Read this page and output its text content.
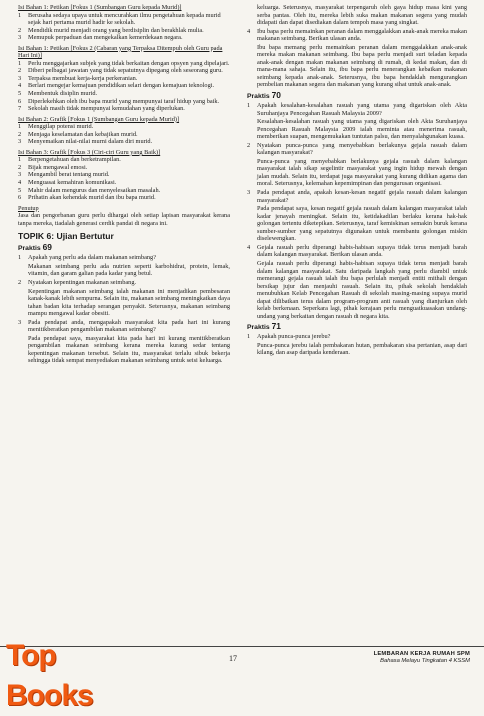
Isi Bahan 1: Petikan [Fokus 1 (Sumbangan Guru kepada Murid)]
1 Berusaha sedaya upaya untuk mencurahkan ilmu pengetahuan kepada murid sejak hari pertama murid hadir ke sekolah.
2 Mendidik murid menjadi orang yang berdisiplin dan berakhlak mulia.
3 Memupuk perpaduan dan mengekalkan kemerdekaan negara.
Isi Bahan 1: Petikan [Fokus 2 (Cabaran yang Terpaksa Ditempuh oleh Guru pada Hari Ini)]
1 Perlu menggajarkan subjek yang tidak berkaitan dengan opsyen yang dipelajari.
2 Diberi pelbagai jawatan yang tidak sepatutnya dipegang oleh seseorang guru.
3 Terpaksa membuat kerja-kerja perkeranian.
4 Berlari mengejar kemajuan pendidikan selari dengan kemajuan teknologi.
5 Membentuk disiplin murid.
6 Diperlekehkan oleh ibu bapa murid yang mempunyai taraf hidup yang baik.
7 Sekolah masih tidak mempunyai kemudahan yang diperlukan.
Isi Bahan 2: Grafik [Fokus 1 (Sumbangan Guru kepada Murid)]
1 Menggilap potensi murid.
2 Menjaga keselamatan dan kebajikan murid.
3 Menyemaikan nilai-nilai murni dalam diri murid.
Isi Bahan 3: Grafik [Fokus 3 (Ciri-ciri Guru yang Baik)]
1 Berpengetahuan dan berketrampilan.
2 Bijak mengawal emosi.
3 Mengambil berat tentang murid.
4 Menguasai kemahiran komunikasi.
5 Mahir dalam mengurus dan menyelesaikan masalah.
6 Prihatin akan kehendak murid dan ibu bapa murid.
Penutup

Jasa dan pengorbanan guru perlu dihargai oleh setiap lapisan masyarakat kerana tanpa mereka, tiadalah generasi cerdik pandai di negara ini.

TOPIK 6: Ujian Bertutur
Praktis 69
1 Apakah yang perlu ada dalam makanan seimbang?

Makanan seimbang perlu ada nutrien seperti karbohidrat, protein, lemak, vitamin, dan garam galian pada kadar yang betul.

2 Nyatakan kepentingan makanan seimbang.

Kepentingan makanan seimbang ialah makanan ini menjadikan pembesaran kanak-kanak lebih sempurna. Selain itu, makanan seimbang meningkatkan daya tahan badan kita terhadap serangan penyakit. Seterusnya, makanan seimbang mampu mengawal kadar obesiti.

3 Pada pendapat anda, mengapakah masyarakat kita pada hari ini kurang menitikberatkan pengambilan makanan seimbang?

Pada pendapat saya, masyarakat kita pada hari ini kurang menitikberatkan pengambilan makanan seimbang kerana mereka kurang sedar tentang kepentingan makanan tersebut. Selain itu, masyarakat terlalu sibuk bekerja sehingga tidak sempat menyediakan makanan seimbang untuk seisi keluarga.

keluarga. Seterusnya, masyarakat terpengaruh oleh gaya hidup masa kini yang serba pantas. Oleh itu, mereka lebih suka makan makanan segera yang mudah didapati dan dapat disediakan dalam tempoh masa yang singkat.

4 Ibu bapa perlu memainkan peranan dalam menggalakkan anak-anak mereka makan makanan seimbang. Berikan ulasan anda.

Ibu bapa memang perlu memainkan peranan dalam menggalakkan anak-anak mereka makan makanan seimbang. Ibu bapa perlu menjadi suri teladan kepada anak-anak dengan makan makanan seimbang di rumah, di kedai makan, dan di mana-mana sahaja. Selain itu, ibu bapa perlu menerangkan kebaikan makanan seimbang kepada anak-anak. Seterusnya, ibu bapa hendaklah mengurangkan pembelian makanan segera dan makanan yang kurang sihat untuk anak-anak.

Praktis 70
1 Apakah kesalahan-kesalahan rasuah yang utama yang digariskan oleh Akta Suruhanjaya Pencegahan Rasuah Malaysia 2009?

Kesalahan-kesalahan rasuah yang utama yang digariskan oleh Akta Suruhanjaya Pencegahan Rasuah Malaysia 2009 ialah meminta atau menerima rasuah, memberikan suapan, mengemukakan tuntutan palsu, dan menyalahgunakan kuasa.

2 Nyatakan punca-punca yang menyebabkan berlakunya gejala rasuah dalam kalangan masyarakat?

Punca-punca yang menyebabkan berlakunya gejala rasuah dalam kalangan masyarakat ialah sikap segelintir masyarakat yang ingin hidup mewah dengan jalan mudah. Selain itu, terdapat juga masyarakat yang kurang didikan agama dan moral. Seterusnya, kelemahan kepemimpinan dan pengurusan organisasi.

3 Pada pendapat anda, apakah kesan-kesan negatif gejala rasuah dalam kalangan masyarakat?

Pada pendapat saya, kesan negatif gejala rasuah dalam kalangan masyarakat ialah kadar jenayah meningkat. Selain itu, ketidakadilan berlaku kerana hak-hak golongan tertentu diketepikan. Seterusnya, taraf kemiskinan semakin buruk kerana sumber-sumber yang sepatutnya digunakan untuk membantu golongan miskin diselewengkan.

4 Gejala rasuah perlu diperangi habis-habisan supaya tidak terus menjadi barah dalam kalangan masyarakat. Berikan ulasan anda.

Gejala rasuah perlu diperangi habis-habisan supaya tidak terus menjadi barah dalam kalangan masyarakat. Satu daripada langkah yang perlu diambil untuk memerangi gejala rasuah ialah ibu bapa perlulah menjadi entiti mithali dengan bersikap jujur dan menjauhi rasuah. Selain itu, pihak sekolah hendaklah menubuhkan Kelab Pencegahan Rasuah di sekolah masing-masing supaya murid dapat dilibatkan terus dalam program-program anti rasuah yang dianjurkan oleh kelab berkenaan. Seperkara lagi, pihak kerajaan perlu menguatkuasakan undang-undang yang berkaitan dengan rasuah di negara kita.

Praktis 71
1 Apakah punca-punca jerebu?

Punca-punca jerebu ialah pembakaran hutan, pembakaran sisa pertanian, asap dari kilang, dan asap daripada kenderaan.

Top Books
17	LEMBARAN KERJA RUMAH SPM
Bahasa Melayu Tingkatan 4 KSSM
